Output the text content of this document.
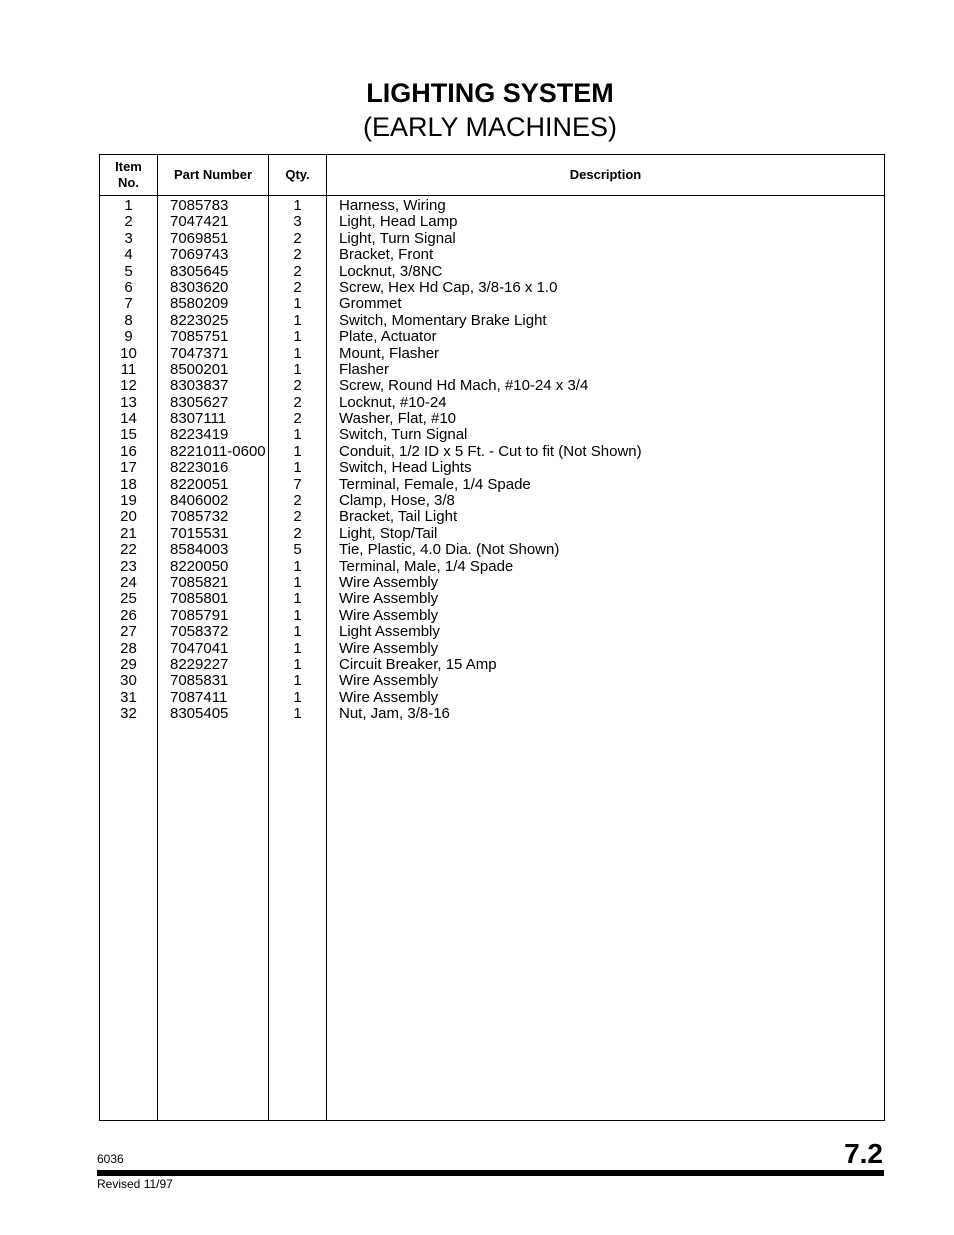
LIGHTING SYSTEM
(EARLY MACHINES)
Item
No.
Part Number	Qty.	Description
1	7085783	1	Harness, Wiring
2	7047421	3	Light, Head Lamp
3	7069851	2	Light, Turn Signal
4	7069743	2	Bracket, Front
5	8305645	2	Locknut, 3/8NC
6	8303620	2	Screw, Hex Hd Cap, 3/8-16 x 1.0
7	8580209	1	Grommet
8	8223025	1	Switch, Momentary Brake Light
9	7085751	1	Plate, Actuator
10	7047371	1	Mount, Flasher
11	8500201	1	Flasher
12	8303837	2	Screw, Round Hd Mach, #10-24 x 3/4
13	8305627	2	Locknut, #10-24
14	8307111	2	Washer, Flat, #10
15	8223419	1	Switch, Turn Signal
16	8221011-0600	1	Conduit, 1/2 ID x 5 Ft. - Cut to fit (Not Shown)
17	8223016	1	Switch, Head Lights
18	8220051	7	Terminal, Female, 1/4 Spade
19	8406002	2	Clamp, Hose, 3/8
20	7085732	2	Bracket, Tail Light
21	7015531	2	Light, Stop/Tail
22	8584003	5	Tie, Plastic, 4.0 Dia. (Not Shown)
23	8220050	1	Terminal, Male, 1/4 Spade
24	7085821	1	Wire Assembly
25	7085801	1	Wire Assembly
26	7085791	1	Wire Assembly
27	7058372	1	Light Assembly
28	7047041	1	Wire Assembly
29	8229227	1	Circuit Breaker, 15 Amp
30	7085831	1	Wire Assembly
31	7087411	1	Wire Assembly
32	8305405	1	Nut, Jam, 3/8-16
6036	7.2
Revised 11/97
